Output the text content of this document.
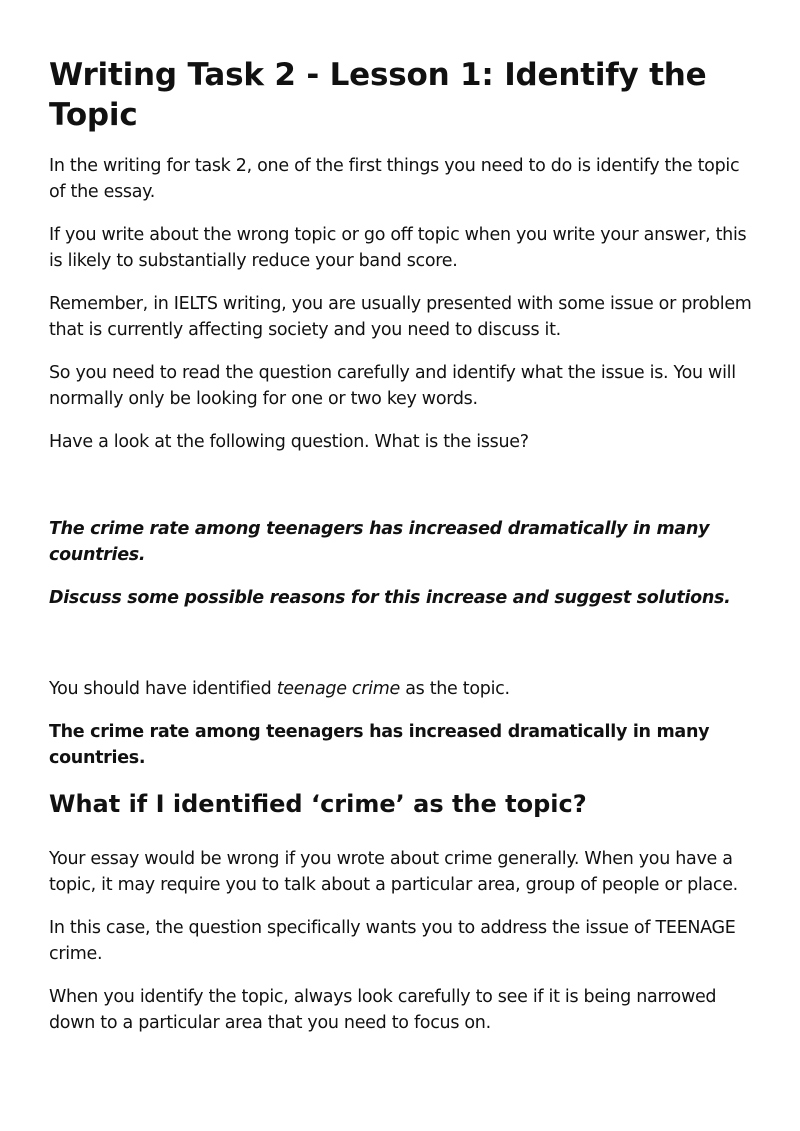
Writing Task 2 - Lesson 1: Identify the Topic

In the writing for task 2, one of the first things you need to do is identify the topic of the essay.

If you write about the wrong topic or go off topic when you write your answer, this is likely to substantially reduce your band score.

Remember, in IELTS writing, you are usually presented with some issue or problem that is currently affecting society and you need to discuss it.

So you need to read the question carefully and identify what the issue is. You will normally only be looking for one or two key words.

Have a look at the following question. What is the issue?

The crime rate among teenagers has increased dramatically in many countries.

Discuss some possible reasons for this increase and suggest solutions.

You should have identified teenage crime as the topic.

The crime rate among teenagers has increased dramatically in many countries.

What if I identified ‘crime’ as the topic?

Your essay would be wrong if you wrote about crime generally. When you have a topic, it may require you to talk about a particular area, group of people or place.

In this case, the question specifically wants you to address the issue of TEENAGE crime.

When you identify the topic, always look carefully to see if it is being narrowed down to a particular area that you need to focus on.
